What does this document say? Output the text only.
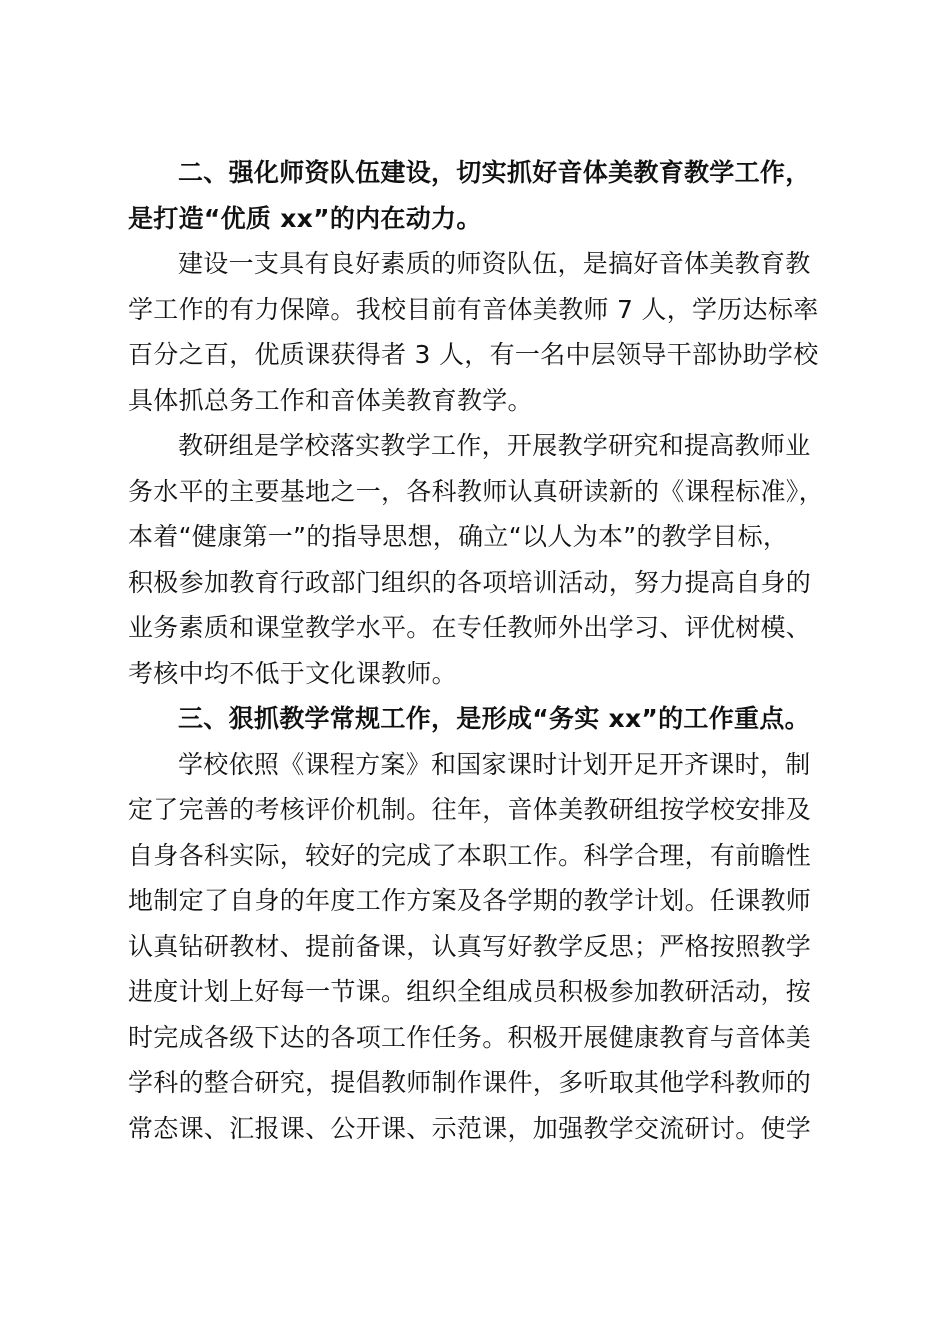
二、强化师资队伍建设，切实抓好音体美教育教学工作，
是打造“优质 xx”的内在动力。
建设一支具有良好素质的师资队伍，是搞好音体美教育教
学工作的有力保障。我校目前有音体美教师 7 人，学历达标率
百分之百，优质课获得者 3 人，有一名中层领导干部协助学校
具体抓总务工作和音体美教育教学。
教研组是学校落实教学工作，开展教学研究和提高教师业
务水平的主要基地之一，各科教师认真研读新的《课程标准》，
本着“健康第一”的指导思想，确立“以人为本”的教学目标，
积极参加教育行政部门组织的各项培训活动，努力提高自身的
业务素质和课堂教学水平。在专任教师外出学习、评优树模、
考核中均不低于文化课教师。
三、狠抓教学常规工作，是形成“务实 xx”的工作重点。
学校依照《课程方案》和国家课时计划开足开齐课时，制
定了完善的考核评价机制。往年，音体美教研组按学校安排及
自身各科实际，较好的完成了本职工作。科学合理，有前瞻性
地制定了自身的年度工作方案及各学期的教学计划。任课教师
认真钻研教材、提前备课，认真写好教学反思；严格按照教学
进度计划上好每一节课。组织全组成员积极参加教研活动，按
时完成各级下达的各项工作任务。积极开展健康教育与音体美
学科的整合研究，提倡教师制作课件，多听取其他学科教师的
常态课、汇报课、公开课、示范课，加强教学交流研讨。使学
